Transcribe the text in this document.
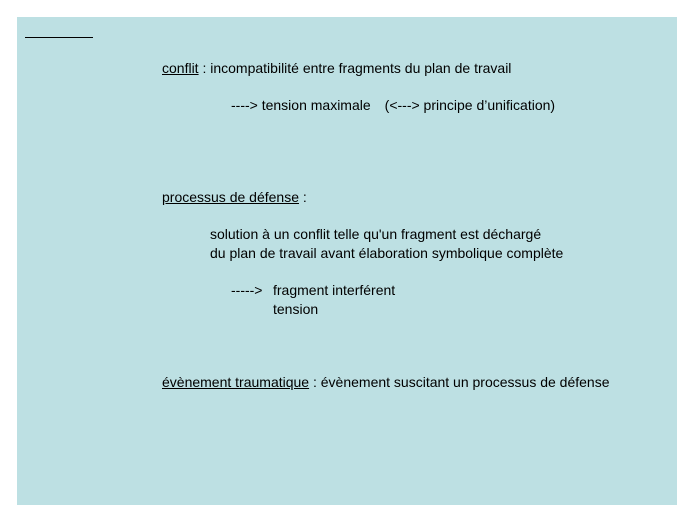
conflit : incompatibilité entre fragments du plan de travail
----> tension maximale (<---> principe d’unification)
processus de défense :
solution à un conflit telle qu'un fragment est déchargé
du plan de travail avant élaboration symbolique complète
-----> fragment interférent
tension
évènement traumatique : évènement suscitant un processus de défense
